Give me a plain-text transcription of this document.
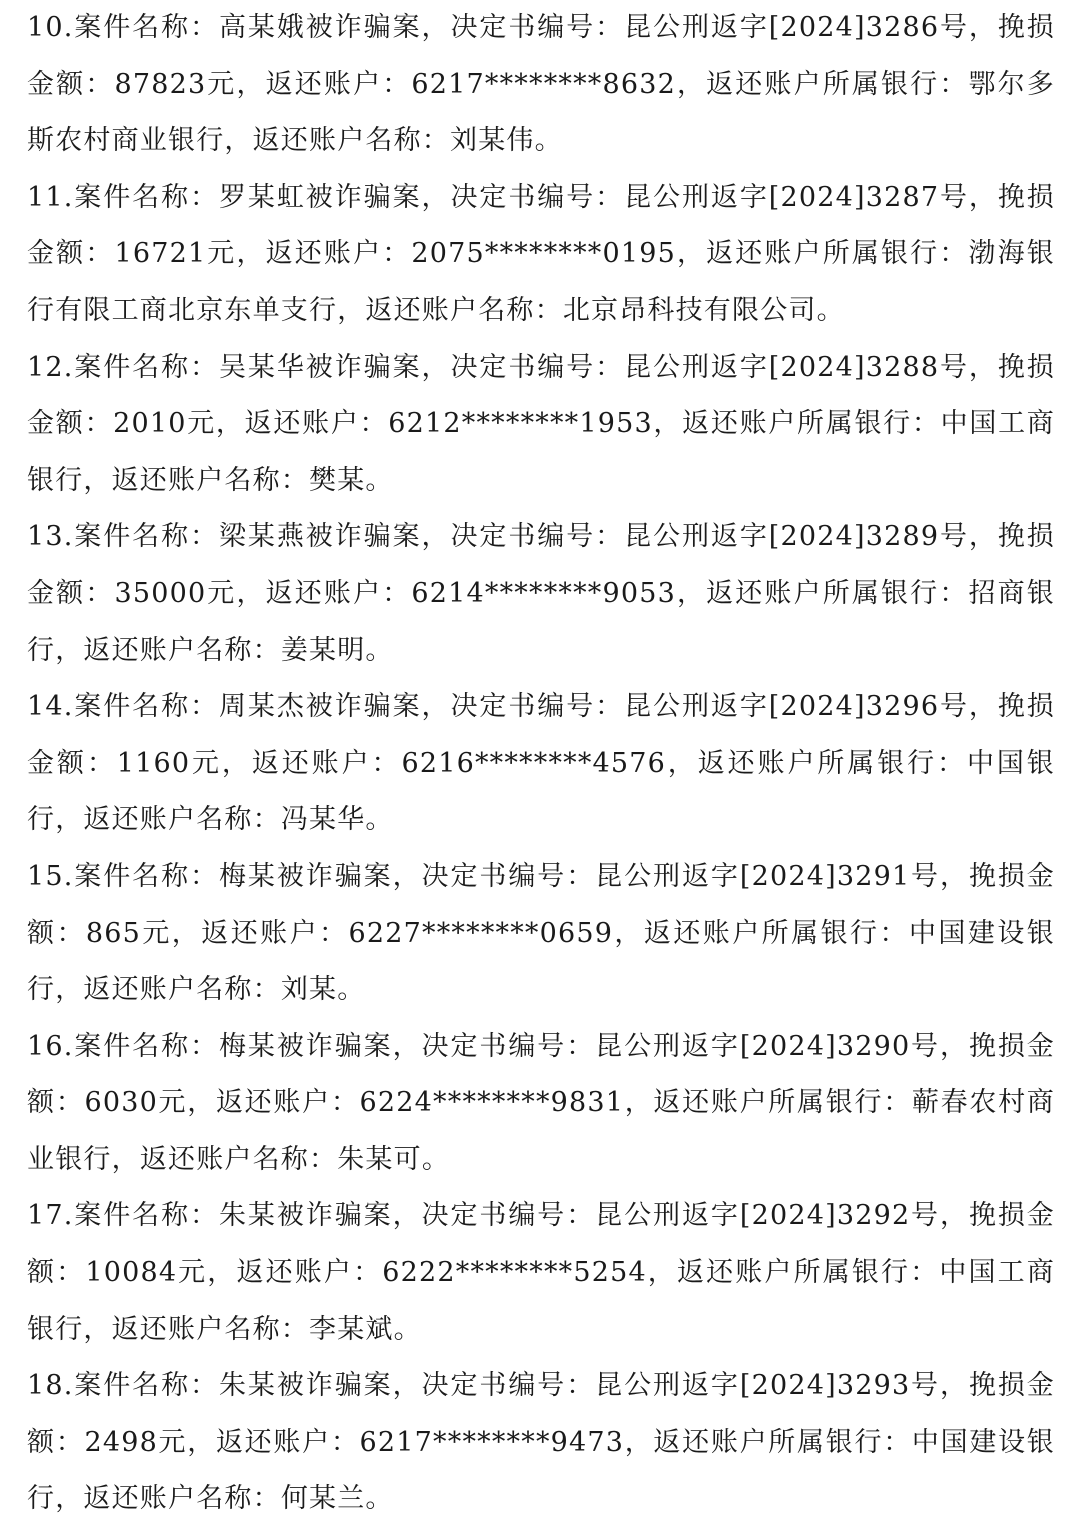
10.案件名称：高某娥被诈骗案，决定书编号：昆公刑返字[2024]3286号，挽损金额：87823元，返还账户：6217********8632，返还账户所属银行：鄂尔多斯农村商业银行，返还账户名称：刘某伟。

11.案件名称：罗某虹被诈骗案，决定书编号：昆公刑返字[2024]3287号，挽损金额：16721元，返还账户：2075********0195，返还账户所属银行：渤海银行有限工商北京东单支行，返还账户名称：北京昂科技有限公司。

12.案件名称：吴某华被诈骗案，决定书编号：昆公刑返字[2024]3288号，挽损金额：2010元，返还账户：6212********1953，返还账户所属银行：中国工商银行，返还账户名称：樊某。

13.案件名称：梁某燕被诈骗案，决定书编号：昆公刑返字[2024]3289号，挽损金额：35000元，返还账户：6214********9053，返还账户所属银行：招商银行，返还账户名称：姜某明。

14.案件名称：周某杰被诈骗案，决定书编号：昆公刑返字[2024]3296号，挽损金额：1160元，返还账户：6216********4576，返还账户所属银行：中国银行，返还账户名称：冯某华。

15.案件名称：梅某被诈骗案，决定书编号：昆公刑返字[2024]3291号，挽损金额：865元，返还账户：6227********0659，返还账户所属银行：中国建设银行，返还账户名称：刘某。

16.案件名称：梅某被诈骗案，决定书编号：昆公刑返字[2024]3290号，挽损金额：6030元，返还账户：6224********9831，返还账户所属银行：蕲春农村商业银行，返还账户名称：朱某可。

17.案件名称：朱某被诈骗案，决定书编号：昆公刑返字[2024]3292号，挽损金额：10084元，返还账户：6222********5254，返还账户所属银行：中国工商银行，返还账户名称：李某斌。

18.案件名称：朱某被诈骗案，决定书编号：昆公刑返字[2024]3293号，挽损金额：2498元，返还账户：6217********9473，返还账户所属银行：中国建设银行，返还账户名称：何某兰。
